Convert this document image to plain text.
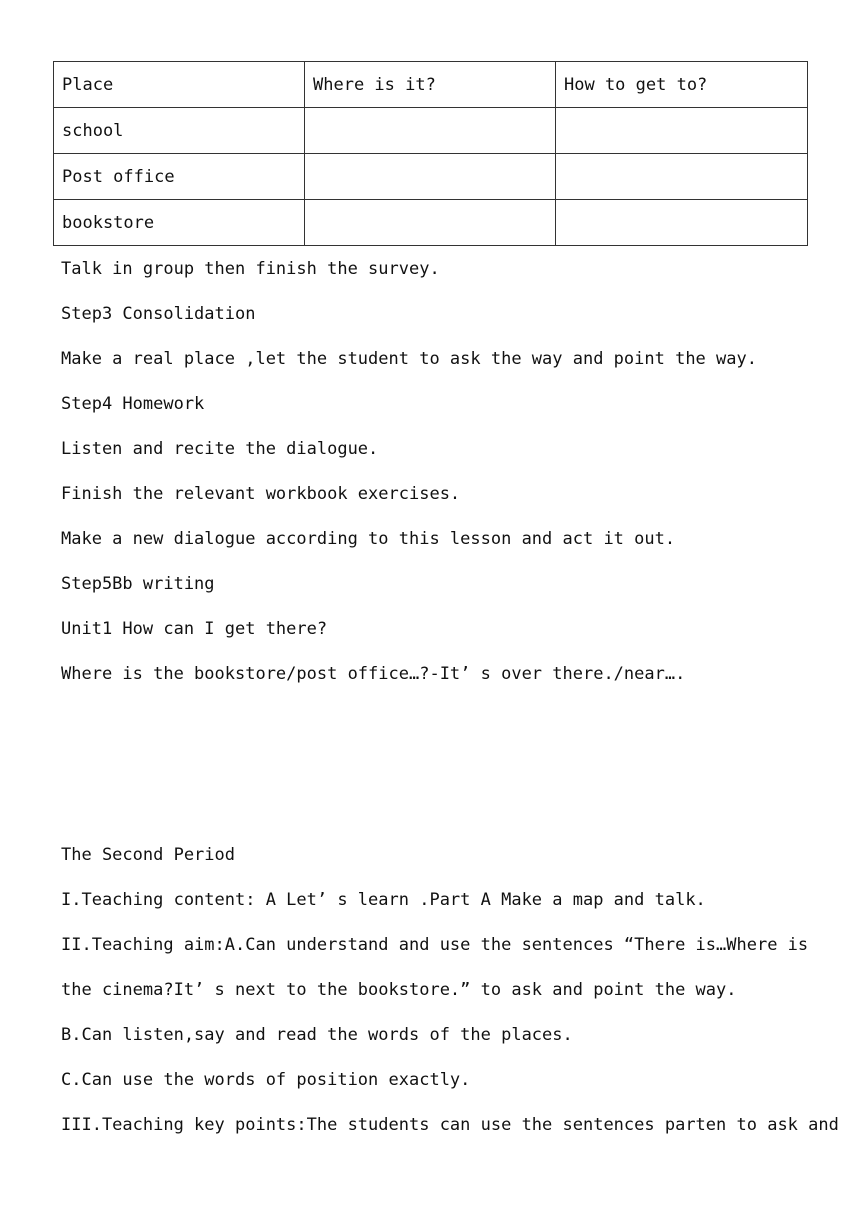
Place	Where is it?	How to get to?
school		
Post office		
bookstore		
Talk in group then finish the survey.
Step3 Consolidation
Make a real place ,let the student to ask the way and point the way.
Step4 Homework
Listen and recite the dialogue.
Finish the relevant workbook exercises.
Make a new dialogue according to this lesson and act it out.
Step5Bb writing
Unit1 How can I get there?
Where is the bookstore/post office…?-It’ s over there./near….
The Second Period
I.Teaching content: A Let’ s learn .Part A Make a map and talk.
II.Teaching aim:A.Can understand and use the sentences “There is…Where is
the cinema?It’ s next to the bookstore.” to ask and point the way.
B.Can listen,say and read the words of the places.
C.Can use the words of position exactly.
III.Teaching key points:The students can use the sentences parten to ask and
